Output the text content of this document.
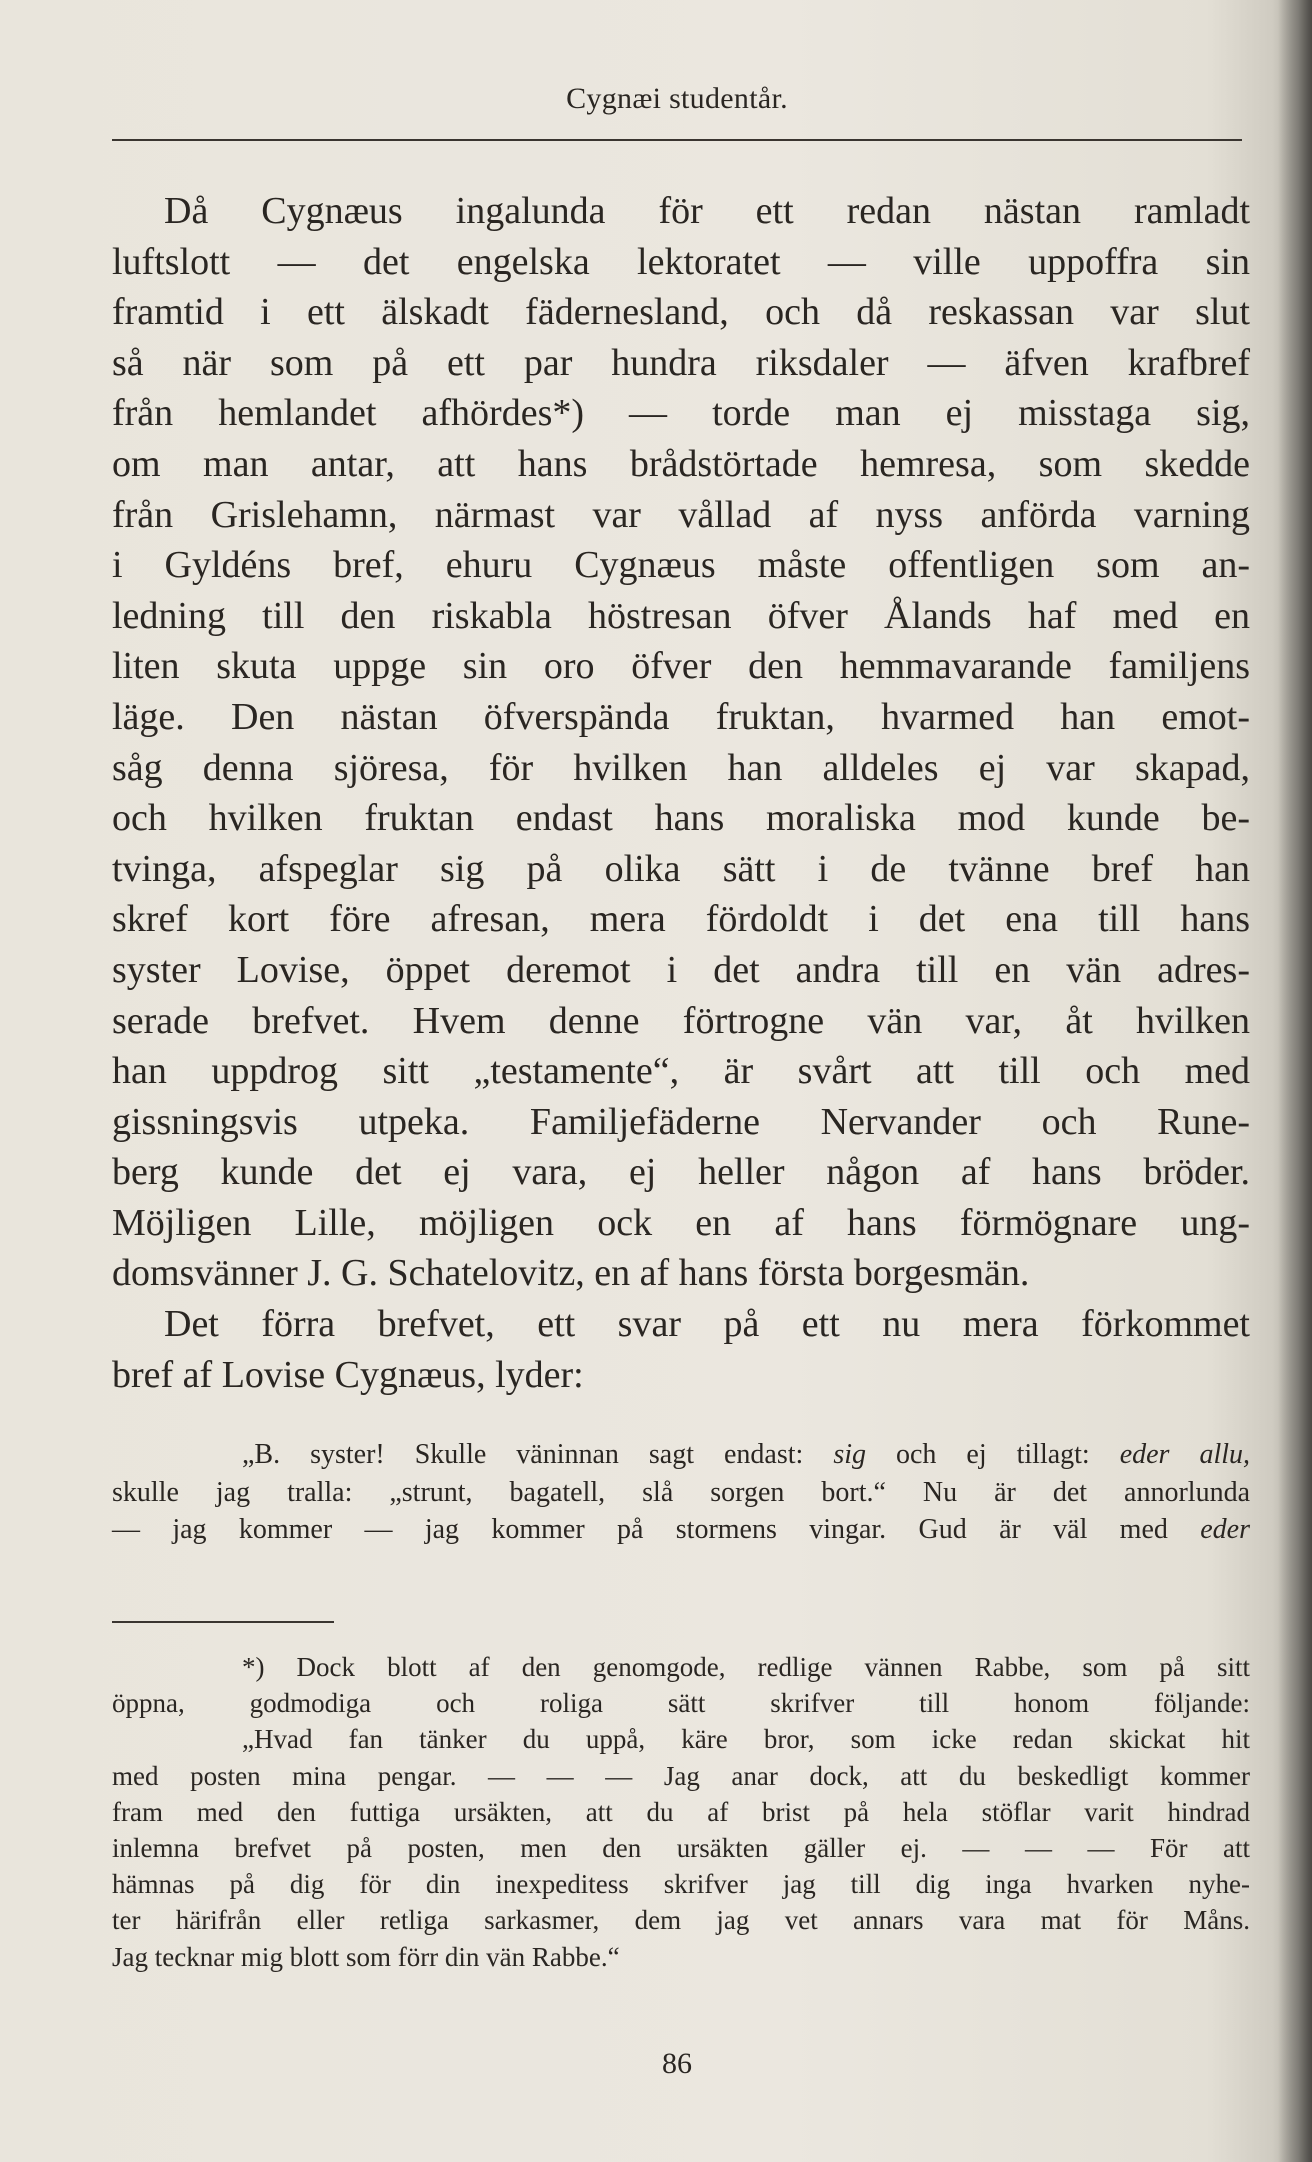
Cygnæi studentår.
Då Cygnæus ingalunda för ett redan nästan ramladt
luftslott — det engelska lektoratet — ville uppoffra sin
framtid i ett älskadt fädernesland, och då reskassan var slut
så när som på ett par hundra riksdaler — äfven krafbref
från hemlandet afhördes*) — torde man ej misstaga sig,
om man antar, att hans brådstörtade hemresa, som skedde
från Grislehamn, närmast var vållad af nyss anförda varning
i Gyldéns bref, ehuru Cygnæus måste offentligen som an-
ledning till den riskabla höstresan öfver Ålands haf med en
liten skuta uppge sin oro öfver den hemmavarande familjens
läge. Den nästan öfverspända fruktan, hvarmed han emot-
såg denna sjöresa, för hvilken han alldeles ej var skapad,
och hvilken fruktan endast hans moraliska mod kunde be-
tvinga, afspeglar sig på olika sätt i de tvänne bref han
skref kort före afresan, mera fördoldt i det ena till hans
syster Lovise, öppet deremot i det andra till en vän adres-
serade brefvet. Hvem denne förtrogne vän var, åt hvilken
han uppdrog sitt „testamente“, är svårt att till och med
gissningsvis utpeka. Familjefäderne Nervander och Rune-
berg kunde det ej vara, ej heller någon af hans bröder.
Möjligen Lille, möjligen ock en af hans förmögnare ung-
domsvänner J. G. Schatelovitz, en af hans första borgesmän.
Det förra brefvet, ett svar på ett nu mera förkommet
bref af Lovise Cygnæus, lyder:
„B. syster! Skulle väninnan sagt endast: sig och ej tillagt: eder allu,
skulle jag tralla: „strunt, bagatell, slå sorgen bort.“ Nu är det annorlunda
— jag kommer — jag kommer på stormens vingar. Gud är väl med eder
*) Dock blott af den genomgode, redlige vännen Rabbe, som på sitt
öppna, godmodiga och roliga sätt skrifver till honom följande:
„Hvad fan tänker du uppå, käre bror, som icke redan skickat hit
med posten mina pengar. — — — Jag anar dock, att du beskedligt kommer
fram med den futtiga ursäkten, att du af brist på hela stöflar varit hindrad
inlemna brefvet på posten, men den ursäkten gäller ej. — — — För att
hämnas på dig för din inexpeditess skrifver jag till dig inga hvarken nyhe-
ter härifrån eller retliga sarkasmer, dem jag vet annars vara mat för Måns.
Jag tecknar mig blott som förr din vän Rabbe.“
86
